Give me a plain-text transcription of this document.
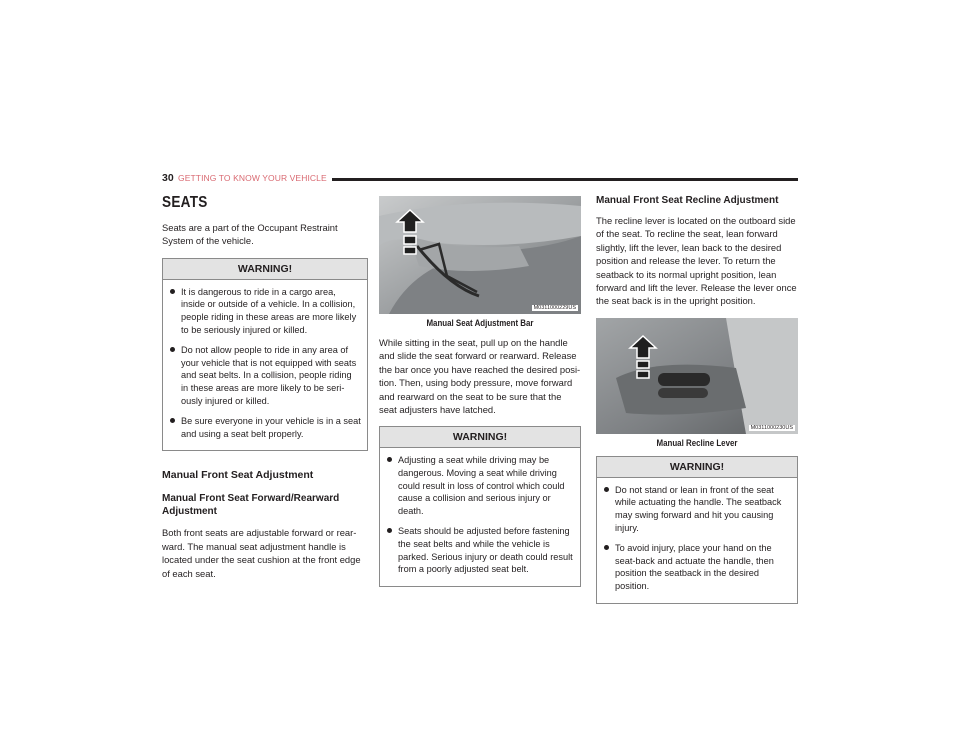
30 GETTING TO KNOW YOUR VEHICLE
SEATS

Seats are a part of the Occupant Restraint System of the vehicle.

WARNING!
It is dangerous to ride in a cargo area, inside or outside of a vehicle. In a collision, people riding in these areas are more likely to be seriously injured or killed.
Do not allow people to ride in any area of your vehicle that is not equipped with seats and seat belts. In a collision, people riding in these areas are more likely to be seri-ously injured or killed.
Be sure everyone in your vehicle is in a seat and using a seat belt properly.
Manual Front Seat Adjustment
Manual Front Seat Forward/Rearward Adjustment

Both front seats are adjustable forward or rear-ward. The manual seat adjustment handle is located under the seat cushion at the front edge of each seat.

M0311000229US
Manual Seat Adjustment Bar

While sitting in the seat, pull up on the handle and slide the seat forward or rearward. Release the bar once you have reached the desired posi-tion. Then, using body pressure, move forward and rearward on the seat to be sure that the seat adjusters have latched.

WARNING!
Adjusting a seat while driving may be dangerous. Moving a seat while driving could result in loss of control which could cause a collision and serious injury or death.
Seats should be adjusted before fastening the seat belts and while the vehicle is parked. Serious injury or death could result from a poorly adjusted seat belt.
Manual Front Seat Recline Adjustment

The recline lever is located on the outboard side of the seat. To recline the seat, lean forward slightly, lift the lever, lean back to the desired position and release the lever. To return the seatback to its normal upright position, lean forward and lift the lever. Release the lever once the seat back is in the upright position.

M0311000230US
Manual Recline Lever
WARNING!
Do not stand or lean in front of the seat while actuating the handle. The seatback may swing forward and hit you causing injury.
To avoid injury, place your hand on the seat-back and actuate the handle, then position the seatback in the desired position.
